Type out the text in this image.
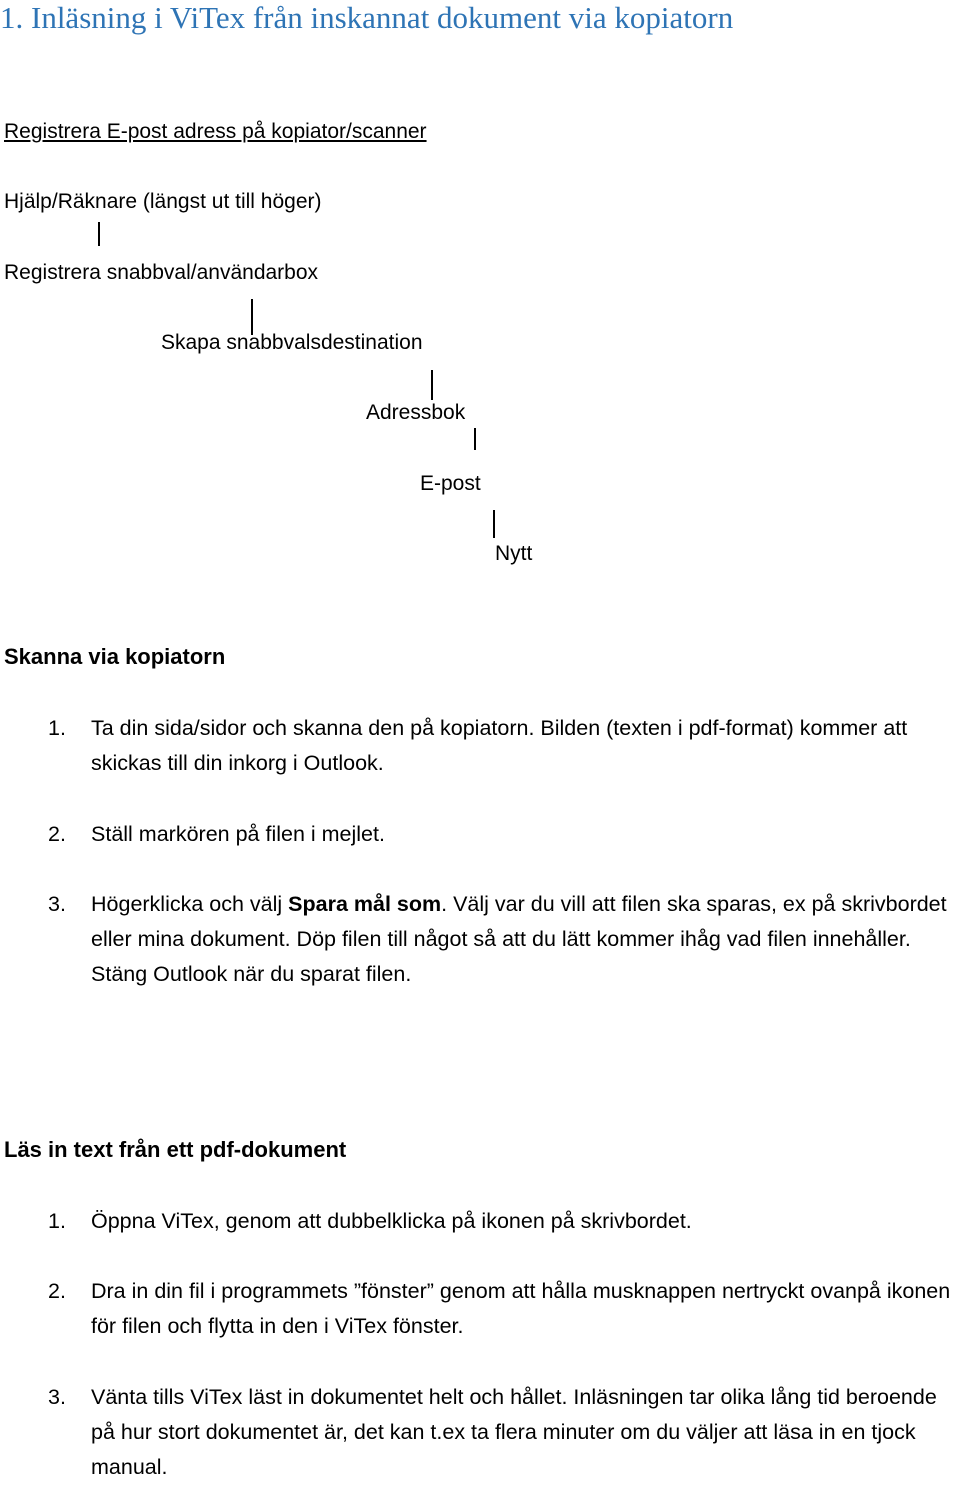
1. Inläsning i ViTex från inskannat dokument via kopiatorn
Registrera E-post adress på kopiator/scanner
Hjälp/Räknare (längst ut till höger)
Registrera snabbval/användarbox
Skapa snabbvalsdestination
Adressbok
E-post
Nytt
Skanna via kopiatorn
1. Ta din sida/sidor och skanna den på kopiatorn. Bilden (texten i pdf-format) kommer att skickas till din inkorg i Outlook.
2. Ställ markören på filen i mejlet.
3. Högerklicka och välj Spara mål som. Välj var du vill att filen ska sparas, ex på skrivbordet eller mina dokument. Döp filen till något så att du lätt kommer ihåg vad filen innehåller. Stäng Outlook när du sparat filen.
Läs in text från ett pdf-dokument
1. Öppna ViTex, genom att dubbelklicka på ikonen på skrivbordet.
2. Dra in din fil i programmets ”fönster” genom att hålla musknappen nertryckt ovanpå ikonen för filen och flytta in den i ViTex fönster.
3. Vänta tills ViTex läst in dokumentet helt och hållet. Inläsningen tar olika lång tid beroende på hur stort dokumentet är, det kan t.ex ta flera minuter om du väljer att läsa in en tjock manual.
